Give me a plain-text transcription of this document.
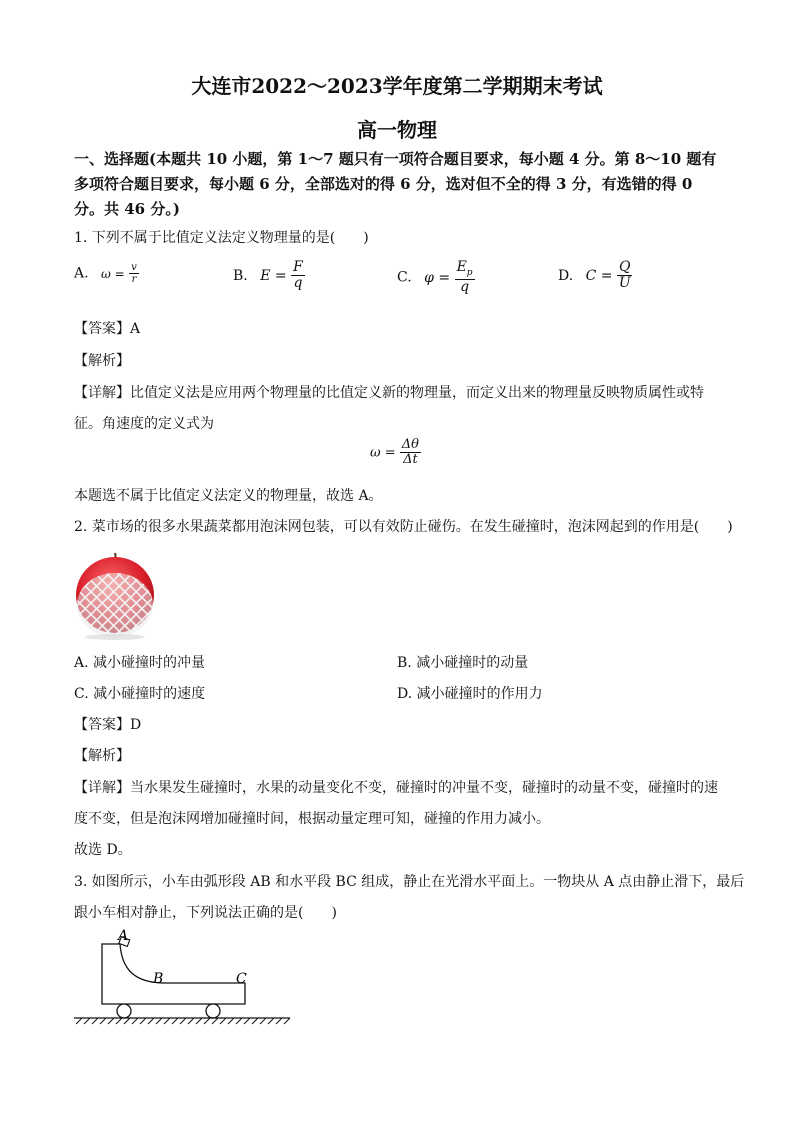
大连市2022～2023学年度第二学期期末考试
高一物理
一、选择题(本题共 10 小题，第 1～7 题只有一项符合题目要求，每小题 4 分。第 8～10 题有
多项符合题目要求，每小题 6 分，全部选对的得 6 分，选对但不全的得 3 分，有选错的得 0
分。共 46 分。)
1. 下列不属于比值定义法定义物理量的是(　　)
A. $\omega = \frac{v}{r}$	B. $E = \frac{F}{q}$	C. $\varphi = \frac{E_p}{q}$	D. $C = \frac{Q}{U}$
【答案】A
【解析】
【详解】比值定义法是应用两个物理量的比值定义新的物理量，而定义出来的物理量反映物质属性或特
征。角速度的定义式为
$\omega = \frac{\Delta\theta}{\Delta t}$
本题选不属于比值定义法定义的物理量，故选 A。
2. 菜市场的很多水果蔬菜都用泡沫网包装，可以有效防止碰伤。在发生碰撞时，泡沫网起到的作用是(　　)
A. 减小碰撞时的冲量	B. 减小碰撞时的动量
C. 减小碰撞时的速度	D. 减小碰撞时的作用力
【答案】D
【解析】
【详解】当水果发生碰撞时，水果的动量变化不变，碰撞时的冲量不变，碰撞时的动量不变，碰撞时的速
度不变，但是泡沫网增加碰撞时间，根据动量定理可知，碰撞的作用力减小。
故选 D。
3. 如图所示，小车由弧形段 AB 和水平段 BC 组成，静止在光滑水平面上。一物块从 A 点由静止滑下，最后
跟小车相对静止，下列说法正确的是(　　)
A
B	C
